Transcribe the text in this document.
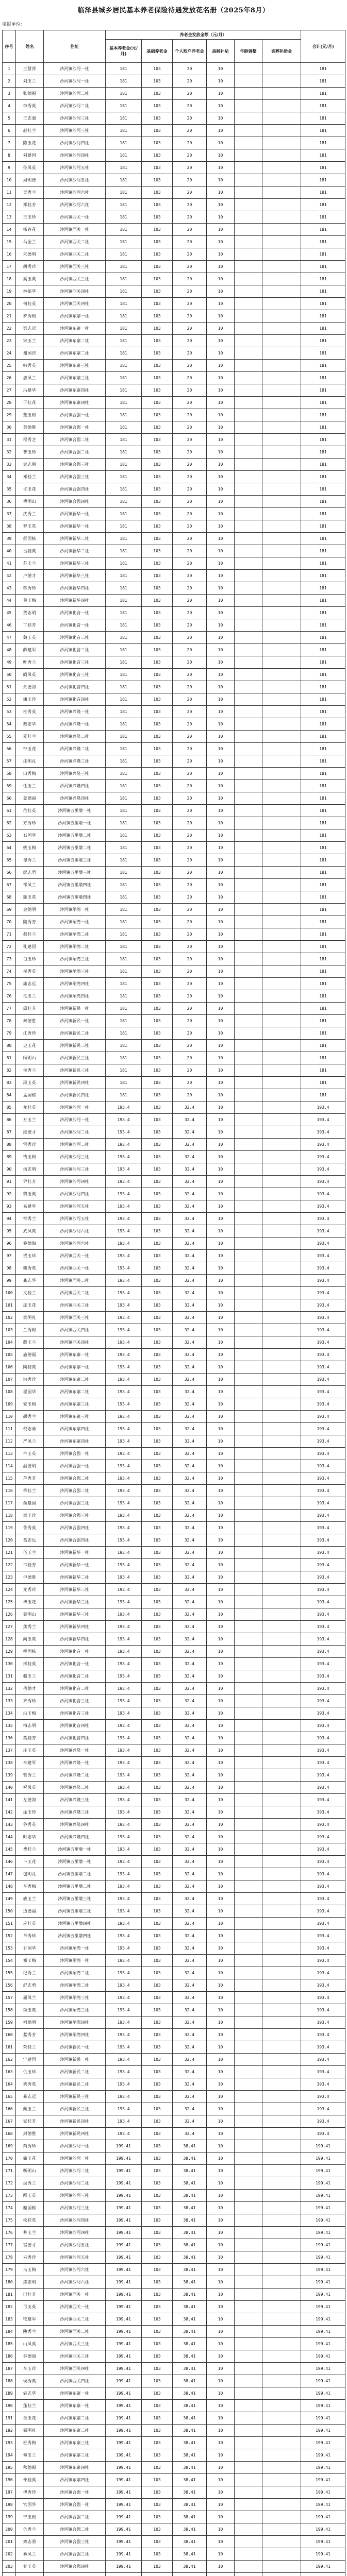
临泽县城乡居民基本养老保险待遇发放花名册（2025年8月）
填报单位：
序号	姓名	住址	养老金发放金额（元/月）						合计(元/月)
			基本养老金(元/月)	基础养老金	个人账户养老金	高龄补贴	年龄调整	丧葬补助金	
1	王慧萍	沙河镇沙河一社	181	103	20	10			181
2	刘玉兰	沙河镇沙河一社	181	103	20	10			181
3	张德福	沙河镇沙河二社	181	103	20	10			181
4	李秀英	沙河镇沙河二社	181	103	20	10			181
5	王志强	沙河镇沙河三社	181	103	20	10			181
6	赵桂兰	沙河镇沙河三社	181	103	20	10			181
7	陈玉花	沙河镇沙河四社	181	103	20	10			181
8	刘建国	沙河镇沙河四社	181	103	20	10			181
9	孙凤英	沙河镇沙河五社	181	103	20	10			181
10	周明德	沙河镇沙河五社	181	103	20	10			181
11	吴秀兰	沙河镇沙河六社	181	103	20	10			181
12	郑桂芳	沙河镇沙河六社	181	103	20	10			181
13	王玉珍	沙河镇西关一社	181	103	20	10			181
14	杨春花	沙河镇西关一社	181	103	20	10			181
15	马金兰	沙河镇西关二社	181	103	20	10			181
16	朱德明	沙河镇西关二社	181	103	20	10			181
17	胡秀珍	沙河镇西关三社	181	103	20	10			181
18	高玉英	沙河镇西关三社	181	103	20	10			181
19	林振华	沙河镇西关四社	181	103	20	10			181
20	何桂英	沙河镇西关四社	181	103	20	10			181
21	罗秀梅	沙河镇东寨一社	181	103	20	10			181
22	梁志远	沙河镇东寨一社	181	103	20	10			181
23	宋玉兰	沙河镇东寨二社	181	103	20	10			181
24	谢国庆	沙河镇东寨二社	181	103	20	10			181
25	韩秀英	沙河镇东寨三社	181	103	20	10			181
26	唐凤兰	沙河镇东寨三社	181	103	20	10			181
27	冯建华	沙河镇东寨四社	181	103	20	10			181
28	于桂花	沙河镇东寨四社	181	103	20	10			181
29	董玉梅	沙河镇合强一社	181	103	20	10			181
30	萧德胜	沙河镇合强一社	181	103	20	10			181
31	程秀芝	沙河镇合强二社	181	103	20	10			181
32	曹玉珍	沙河镇合强二社	181	103	20	10			181
33	袁志刚	沙河镇合强三社	181	103	20	10			181
34	邓桂兰	沙河镇合强三社	181	103	20	10			181
35	许玉花	沙河镇合强四社	181	103	20	10			181
36	傅明山	沙河镇合强四社	181	103	20	10			181
37	沈秀兰	沙河镇新华一社	181	103	20	10			181
38	曾玉英	沙河镇新华一社	181	103	20	10			181
39	彭国栋	沙河镇新华二社	181	103	20	10			181
40	吕桂英	沙河镇新华二社	181	103	20	10			181
41	苏玉兰	沙河镇新华三社	181	103	20	10			181
42	卢德才	沙河镇新华三社	181	103	20	10			181
43	蒋秀珍	沙河镇新华四社	181	103	20	10			181
44	蔡玉梅	沙河镇新华四社	181	103	20	10			181
45	贾志明	沙河镇化音一社	181	103	20	10			181
46	丁桂芳	沙河镇化音一社	181	103	20	10			181
47	魏玉英	沙河镇化音二社	181	103	20	10			181
48	薛建军	沙河镇化音二社	181	103	20	10			181
49	叶秀兰	沙河镇化音三社	181	103	20	10			181
50	阎凤英	沙河镇化音三社	181	103	20	10			181
51	余德海	沙河镇化音四社	181	103	20	10			181
52	潘玉珍	沙河镇化音四社	181	103	20	10			181
53	杜秀英	沙河镇兴隆一社	181	103	20	10			181
54	戴志华	沙河镇兴隆一社	181	103	20	10			181
55	夏桂兰	沙河镇兴隆二社	181	103	20	10			181
56	钟玉花	沙河镇兴隆二社	181	103	20	10			181
57	汪明礼	沙河镇兴隆三社	181	103	20	10			181
58	田秀梅	沙河镇兴隆三社	181	103	20	10			181
59	任玉兰	沙河镇兴隆四社	181	103	20	10			181
60	姜德福	沙河镇兴隆四社	181	103	20	10			181
61	范桂英	沙河镇五里墩一社	181	103	20	10			181
62	方秀珍	沙河镇五里墩一社	181	103	20	10			181
63	石国华	沙河镇五里墩二社	181	103	20	10			181
64	姚玉梅	沙河镇五里墩二社	181	103	20	10			181
65	谭秀兰	沙河镇五里墩三社	181	103	20	10			181
66	廖志勇	沙河镇五里墩三社	181	103	20	10			181
67	邹凤兰	沙河镇五里墩四社	181	103	20	10			181
68	熊玉英	沙河镇五里墩四社	181	103	20	10			181
69	金德明	沙河镇闸湾一社	181	103	20	10			181
70	陆秀芳	沙河镇闸湾一社	181	103	20	10			181
71	郝桂兰	沙河镇闸湾二社	181	103	20	10			181
72	孔建国	沙河镇闸湾二社	181	103	20	10			181
73	白玉珍	沙河镇闸湾三社	181	103	20	10			181
74	崔秀英	沙河镇闸湾三社	181	103	20	10			181
75	康志远	沙河镇闸湾四社	181	103	20	10			181
76	毛玉兰	沙河镇闸湾四社	181	103	20	10			181
77	邱桂芳	沙河镇新民一社	181	103	20	10			181
78	秦德胜	沙河镇新民一社	181	103	20	10			181
79	江秀珍	沙河镇新民二社	181	103	20	10			181
80	史玉花	沙河镇新民二社	181	103	20	10			181
81	顾明山	沙河镇新民三社	181	103	20	10			181
82	侯秀兰	沙河镇新民三社	181	103	20	10			181
83	邵玉英	沙河镇新民四社	181	103	20	10			181
84	孟国栋	沙河镇新民四社	181	103	20	10			181
85	龙桂英	沙河镇沙河一社	193.4	103	32.4	10			193.4
86	万玉兰	沙河镇沙河一社	193.4	103	32.4	10			193.4
87	段德才	沙河镇沙河二社	193.4	103	32.4	10			193.4
88	雷秀珍	沙河镇沙河二社	193.4	103	32.4	10			193.4
89	钱玉梅	沙河镇沙河三社	193.4	103	32.4	10			193.4
90	汤志明	沙河镇沙河三社	193.4	103	32.4	10			193.4
91	尹桂芳	沙河镇沙河四社	193.4	103	32.4	10			193.4
92	黎玉英	沙河镇沙河四社	193.4	103	32.4	10			193.4
93	易建军	沙河镇沙河五社	193.4	103	32.4	10			193.4
94	常秀兰	沙河镇沙河五社	193.4	103	32.4	10			193.4
95	武凤英	沙河镇沙河六社	193.4	103	32.4	10			193.4
96	乔德海	沙河镇沙河六社	193.4	103	32.4	10			193.4
97	贺玉珍	沙河镇西关一社	193.4	103	32.4	10			193.4
98	赖秀英	沙河镇西关一社	193.4	103	32.4	10			193.4
99	龚志华	沙河镇西关二社	193.4	103	32.4	10			193.4
100	文桂兰	沙河镇西关二社	193.4	103	32.4	10			193.4
101	庞玉花	沙河镇西关三社	193.4	103	32.4	10			193.4
102	樊明礼	沙河镇西关三社	193.4	103	32.4	10			193.4
103	兰秀梅	沙河镇西关四社	193.4	103	32.4	10			193.4
104	殷玉兰	沙河镇西关四社	193.4	103	32.4	10			193.4
105	施德福	沙河镇东寨一社	193.4	103	32.4	10			193.4
106	陶桂英	沙河镇东寨一社	193.4	103	32.4	10			193.4
107	洪秀珍	沙河镇东寨二社	193.4	103	32.4	10			193.4
108	翟国华	沙河镇东寨二社	193.4	103	32.4	10			193.4
109	安玉梅	沙河镇东寨三社	193.4	103	32.4	10			193.4
110	颜秀兰	沙河镇东寨三社	193.4	103	32.4	10			193.4
111	倪志勇	沙河镇东寨四社	193.4	103	32.4	10			193.4
112	严凤兰	沙河镇东寨四社	193.4	103	32.4	10			193.4
113	牛玉英	沙河镇合强一社	193.4	103	32.4	10			193.4
114	温德明	沙河镇合强一社	193.4	103	32.4	10			193.4
115	芦秀芳	沙河镇合强二社	193.4	103	32.4	10			193.4
116	季桂兰	沙河镇合强二社	193.4	103	32.4	10			193.4
117	俞建国	沙河镇合强三社	193.4	103	32.4	10			193.4
118	章玉珍	沙河镇合强三社	193.4	103	32.4	10			193.4
119	鲁秀英	沙河镇合强四社	193.4	103	32.4	10			193.4
120	葛志远	沙河镇合强四社	193.4	103	32.4	10			193.4
121	伍玉兰	沙河镇新华一社	193.4	103	32.4	10			193.4
122	韦桂芳	沙河镇新华一社	193.4	103	32.4	10			193.4
123	申德胜	沙河镇新华二社	193.4	103	32.4	10			193.4
124	尤秀珍	沙河镇新华二社	193.4	103	32.4	10			193.4
125	毕玉花	沙河镇新华三社	193.4	103	32.4	10			193.4
126	聂明山	沙河镇新华三社	193.4	103	32.4	10			193.4
127	焦秀兰	沙河镇新华四社	193.4	103	32.4	10			193.4
128	向玉英	沙河镇新华四社	193.4	103	32.4	10			193.4
129	柳国栋	沙河镇化音一社	193.4	103	32.4	10			193.4
130	邢桂英	沙河镇化音一社	193.4	103	32.4	10			193.4
131	骆玉兰	沙河镇化音二社	193.4	103	32.4	10			193.4
132	岳德才	沙河镇化音二社	193.4	103	32.4	10			193.4
133	齐秀珍	沙河镇化音三社	193.4	103	32.4	10			193.4
134	沿玉梅	沙河镇化音三社	193.4	103	32.4	10			193.4
135	梅志明	沙河镇化音四社	193.4	103	32.4	10			193.4
136	莫桂芳	沙河镇化音四社	193.4	103	32.4	10			193.4
137	庄玉英	沙河镇兴隆一社	193.4	103	32.4	10			193.4
138	辛建军	沙河镇兴隆一社	193.4	103	32.4	10			193.4
139	管秀兰	沙河镇兴隆二社	193.4	103	32.4	10			193.4
140	祝凤英	沙河镇兴隆二社	193.4	103	32.4	10			193.4
141	左德海	沙河镇兴隆三社	193.4	103	32.4	10			193.4
142	涂玉珍	沙河镇兴隆三社	193.4	103	32.4	10			193.4
143	谷秀英	沙河镇兴隆四社	193.4	103	32.4	10			193.4
144	时志华	沙河镇兴隆四社	193.4	103	32.4	10			193.4
145	费桂兰	沙河镇五里墩一社	193.4	103	32.4	10			193.4
146	卜玉花	沙河镇五里墩一社	193.4	103	32.4	10			193.4
147	包明礼	沙河镇五里墩二社	193.4	103	32.4	10			193.4
148	车秀梅	沙河镇五里墩二社	193.4	103	32.4	10			193.4
149	戚玉兰	沙河镇五里墩三社	193.4	103	32.4	10			193.4
150	边德福	沙河镇五里墩三社	193.4	103	32.4	10			193.4
151	应桂英	沙河镇五里墩四社	193.4	103	32.4	10			193.4
152	单秀珍	沙河镇五里墩四社	193.4	103	32.4	10			193.4
153	甘国华	沙河镇闸湾一社	193.4	103	32.4	10			193.4
154	祁玉梅	沙河镇闸湾一社	193.4	103	32.4	10			193.4
155	纪秀兰	沙河镇闸湾二社	193.4	103	32.4	10			193.4
156	舒志勇	沙河镇闸湾二社	193.4	103	32.4	10			193.4
157	屈凤兰	沙河镇闸湾三社	193.4	103	32.4	10			193.4
158	项玉英	沙河镇闸湾三社	193.4	103	32.4	10			193.4
159	祖德明	沙河镇闸湾四社	193.4	103	32.4	10			193.4
160	蓝秀芳	沙河镇闸湾四社	193.4	103	32.4	10			193.4
161	荣桂兰	沙河镇新民一社	193.4	103	32.4	10			193.4
162	宁建国	沙河镇新民一社	193.4	103	32.4	10			193.4
163	仇玉珍	沙河镇新民二社	193.4	103	32.4	10			193.4
164	栾秀英	沙河镇新民二社	193.4	103	32.4	10			193.4
165	暴志远	沙河镇新民三社	193.4	103	32.4	10			193.4
166	甄玉兰	沙河镇新民三社	193.4	103	32.4	10			193.4
167	家桂芳	沙河镇新民四社	193.4	103	32.4	10			193.4
168	封德胜	沙河镇新民四社	193.4	103	32.4	10			193.4
169	芮秀珍	沙河镇沙河一社	199.41	103	38.41	10			199.41
170	储玉花	沙河镇沙河一社	199.41	103	38.41	10			199.41
171	靳明山	沙河镇沙河二社	199.41	103	38.41	10			199.41
172	汲秀兰	沙河镇沙河二社	199.41	103	38.41	10			199.41
173	邴玉英	沙河镇沙河三社	199.41	103	38.41	10			199.41
174	糜国栋	沙河镇沙河三社	199.41	103	38.41	10			199.41
175	松桂英	沙河镇沙河四社	199.41	103	38.41	10			199.41
176	井玉兰	沙河镇沙河四社	199.41	103	38.41	10			199.41
177	富德才	沙河镇沙河五社	199.41	103	38.41	10			199.41
178	巫秀珍	沙河镇沙河五社	199.41	103	38.41	10			199.41
179	乌玉梅	沙河镇沙河六社	199.41	103	38.41	10			199.41
180	焦志明	沙河镇沙河六社	199.41	103	38.41	10			199.41
181	巴桂芳	沙河镇西关一社	199.41	103	38.41	10			199.41
182	弓玉英	沙河镇西关一社	199.41	103	38.41	10			199.41
183	牧建军	沙河镇西关二社	199.41	103	38.41	10			199.41
184	隗秀兰	沙河镇西关二社	199.41	103	38.41	10			199.41
185	山凤英	沙河镇西关三社	199.41	103	38.41	10			199.41
186	谷德海	沙河镇西关三社	199.41	103	38.41	10			199.41
187	车玉珍	沙河镇西关四社	199.41	103	38.41	10			199.41
188	侯秀英	沙河镇西关四社	199.41	103	38.41	10			199.41
189	宓志华	沙河镇东寨一社	199.41	103	38.41	10			199.41
190	蓬桂兰	沙河镇东寨一社	199.41	103	38.41	10			199.41
191	全玉花	沙河镇东寨二社	199.41	103	38.41	10			199.41
192	郗明礼	沙河镇东寨二社	199.41	103	38.41	10			199.41
193	班秀梅	沙河镇东寨三社	199.41	103	38.41	10			199.41
194	仰玉兰	沙河镇东寨三社	199.41	103	38.41	10			199.41
195	秋德福	沙河镇东寨四社	199.41	103	38.41	10			199.41
196	仲桂英	沙河镇东寨四社	199.41	103	38.41	10			199.41
197	伊秀珍	沙河镇合强一社	199.41	103	38.41	10			199.41
198	宫国华	沙河镇合强一社	199.41	103	38.41	10			199.41
199	宁玉梅	沙河镇合强二社	199.41	103	38.41	10			199.41
200	仇秀兰	沙河镇合强二社	199.41	103	38.41	10			199.41
201	栾志勇	沙河镇合强三社	199.41	103	38.41	10			199.41
202	暴凤兰	沙河镇合强三社	199.41	103	38.41	10			199.41
203	甘玉英	沙河镇合强四社	199.41	103	38.41	10			199.41
